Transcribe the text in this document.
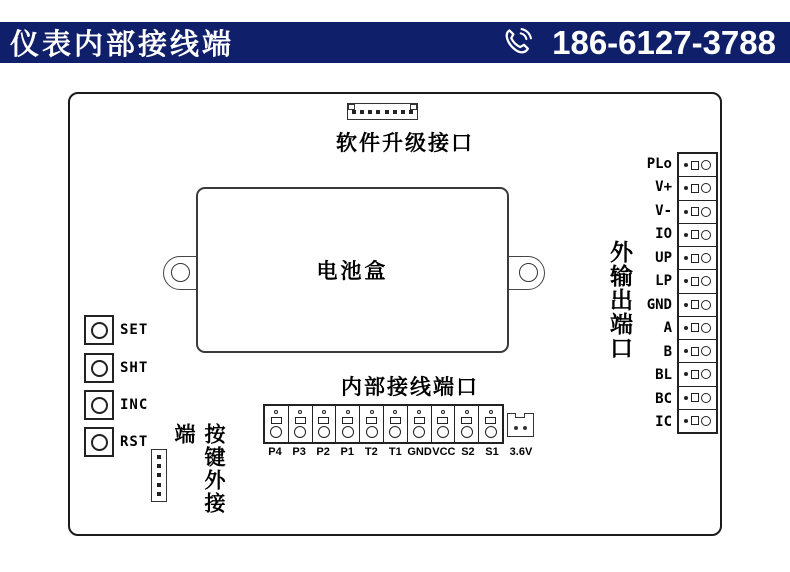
仪表内部接线端	186-6127-3788
软件升级接口
电池盒
SET
SHT
INC
RST	按键外接端
内部接线端口
P4 P3 P2 P1 T2	T1 GND VCC S2 S1 3.6V
外输出端口
PLo
V+
V-
IO
UP
LP
GND
A
B
BL
BC
IC
